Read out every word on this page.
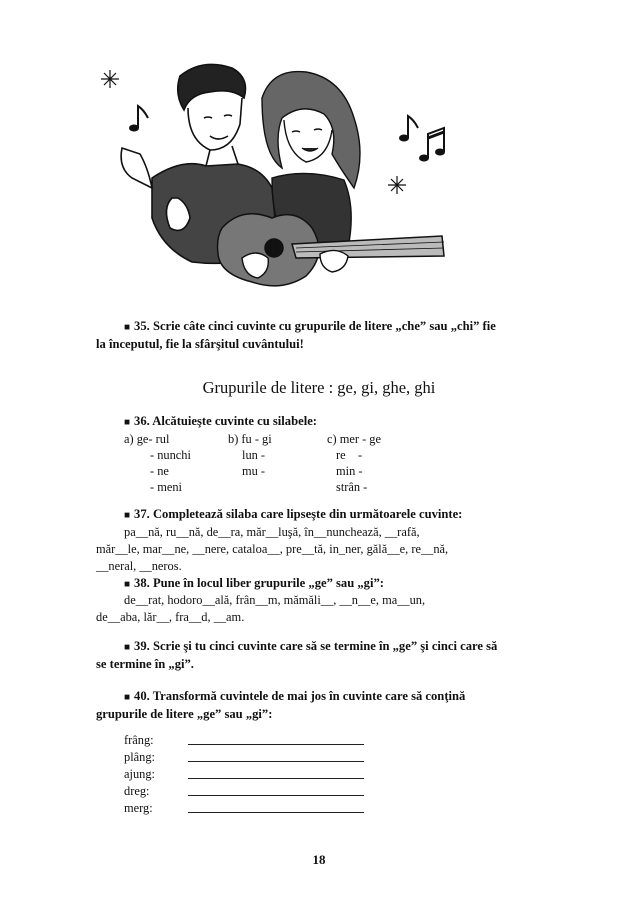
■ 35. Scrie câte cinci cuvinte cu grupurile de litere „che” sau „chi” fie
la începutul, fie la sfârşitul cuvântului!
Grupurile de litere : ge, gi, ghe, ghi
■ 36. Alcătuieşte cuvinte cu silabele:
a) ge- rul
- nunchi
- ne
- meni
b) fu - gi
lun -
mu -
c) mer - ge
re    -
min -
strân -
■ 37. Completează silaba care lipseşte din următoarele cuvinte:
pa__nă, ru__nă, de__ra, măr__luşă, în__nunchează, __rafă,
măr__le, mar__ne, __nere, cataloa__, pre__tă, in_ner, gălă__e, re__nă,
__neral, __neros.
■ 38. Pune în locul liber grupurile „ge” sau „gi”:
de__rat, hodoro__ală, frân__m, mămăli__, __n__e, ma__un,
de__aba, lăr__, fra__d, __am.
■ 39. Scrie şi tu cinci cuvinte care să se termine în „ge” şi cinci care să
se termine în „gi”.
■ 40. Transformă cuvintele de mai jos în cuvinte care să conţină
grupurile de litere „ge” sau „gi”:
frâng:
plâng:
ajung:
dreg:
merg:
18
